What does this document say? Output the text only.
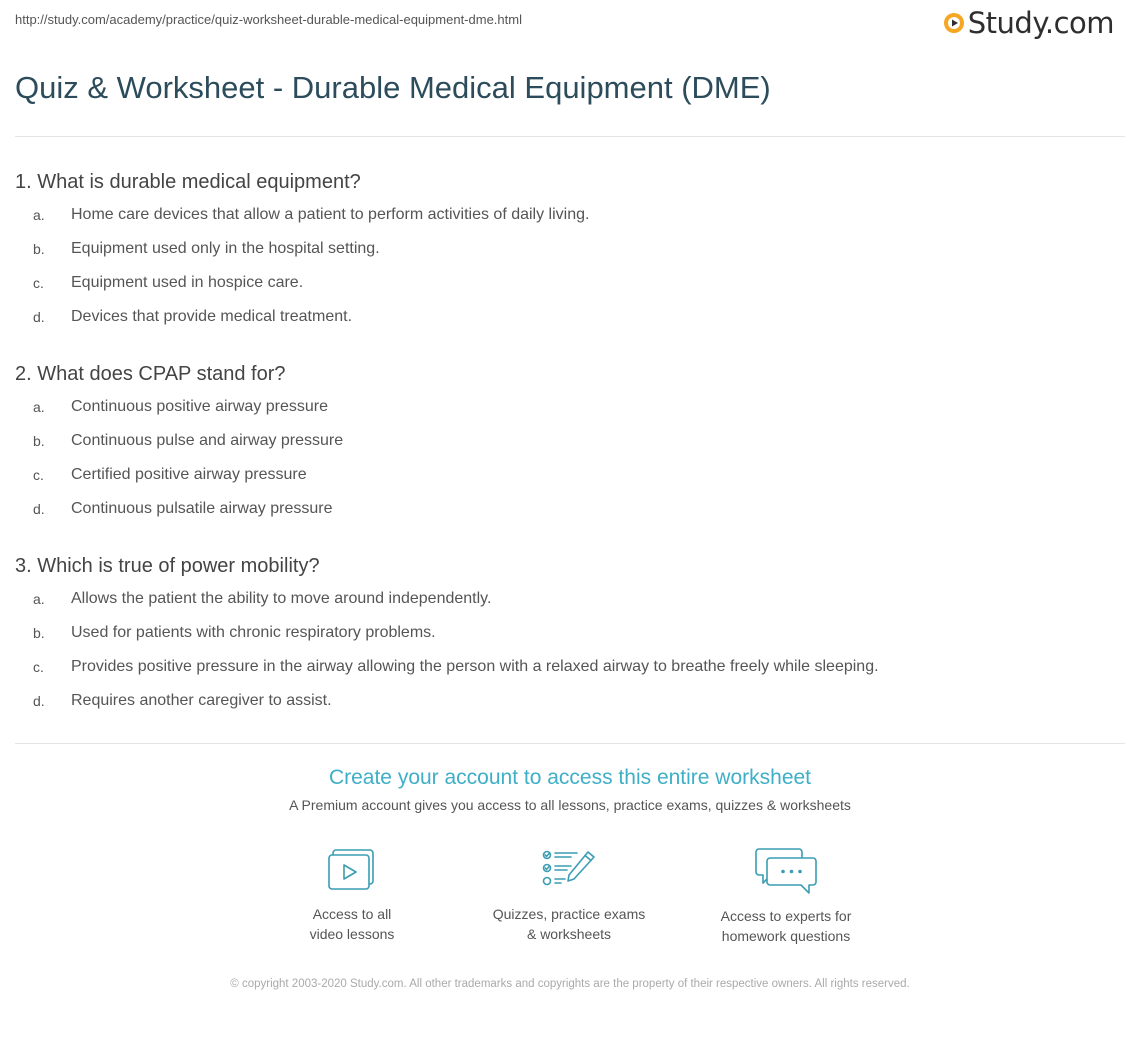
http://study.com/academy/practice/quiz-worksheet-durable-medical-equipment-dme.html	Study.com
Quiz & Worksheet - Durable Medical Equipment (DME)
1. What is durable medical equipment?
a.	Home care devices that allow a patient to perform activities of daily living.
b.	Equipment used only in the hospital setting.
c.	Equipment used in hospice care.
d.	Devices that provide medical treatment.
2. What does CPAP stand for?
a.	Continuous positive airway pressure
b.	Continuous pulse and airway pressure
c.	Certified positive airway pressure
d.	Continuous pulsatile airway pressure
3. Which is true of power mobility?
a.	Allows the patient the ability to move around independently.
b.	Used for patients with chronic respiratory problems.
c.	Provides positive pressure in the airway allowing the person with a relaxed airway to breathe freely while sleeping.
d.	Requires another caregiver to assist.
Create your account to access this entire worksheet
A Premium account gives you access to all lessons, practice exams, quizzes & worksheets
Access to all
video lessons
Quizzes, practice exams
& worksheets
Access to experts for
homework questions
© copyright 2003-2020 Study.com. All other trademarks and copyrights are the property of their respective owners. All rights reserved.
